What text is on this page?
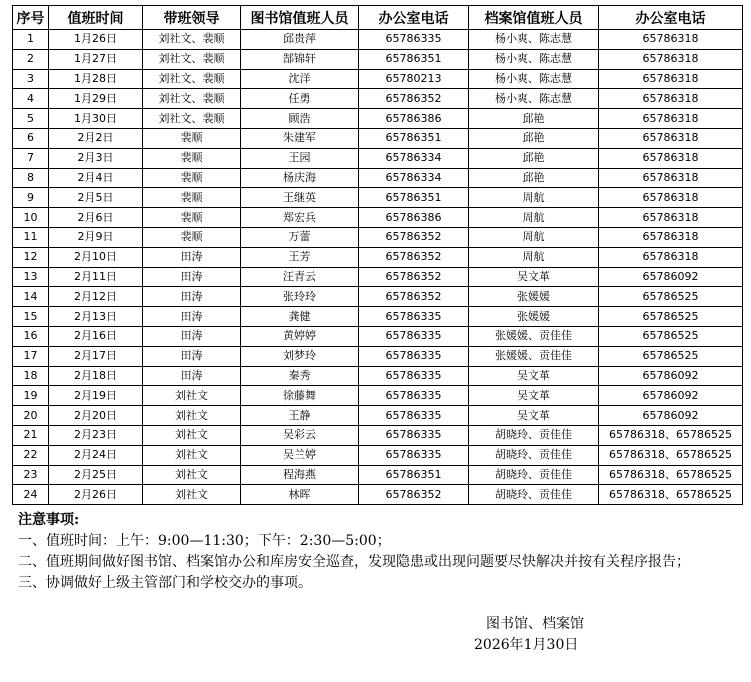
序号	值班时间	带班领导	图书馆值班人员	办公室电话	档案馆值班人员	办公室电话
1	1月26日	刘社文、裴顺	邱贵萍	65786335	杨小爽、陈志慧	65786318
2	1月27日	刘社文、裴顺	郜锦轩	65786351	杨小爽、陈志慧	65786318
3	1月28日	刘社文、裴顺	沈洋	65780213	杨小爽、陈志慧	65786318
4	1月29日	刘社文、裴顺	任勇	65786352	杨小爽、陈志慧	65786318
5	1月30日	刘社文、裴顺	顾浩	65786386	邱艳	65786318
6	2月2日	裴顺	朱建军	65786351	邱艳	65786318
7	2月3日	裴顺	王园	65786334	邱艳	65786318
8	2月4日	裴顺	杨庆海	65786334	邱艳	65786318
9	2月5日	裴顺	王继英	65786351	周航	65786318
10	2月6日	裴顺	郑宏兵	65786386	周航	65786318
11	2月9日	裴顺	万蕾	65786352	周航	65786318
12	2月10日	田涛	王芳	65786352	周航	65786318
13	2月11日	田涛	汪青云	65786352	吴文革	65786092
14	2月12日	田涛	张玲玲	65786352	张媛媛	65786525
15	2月13日	田涛	龚健	65786335	张媛媛	65786525
16	2月16日	田涛	黄婷婷	65786335	张媛媛、贡佳佳	65786525
17	2月17日	田涛	刘梦玲	65786335	张媛媛、贡佳佳	65786525
18	2月18日	田涛	秦秀	65786335	吴文革	65786092
19	2月19日	刘社文	徐藤舞	65786335	吴文革	65786092
20	2月20日	刘社文	王静	65786335	吴文革	65786092
21	2月23日	刘社文	吴彩云	65786335	胡晓玲、贡佳佳	65786318、65786525
22	2月24日	刘社文	吴兰婷	65786335	胡晓玲、贡佳佳	65786318、65786525
23	2月25日	刘社文	程海燕	65786351	胡晓玲、贡佳佳	65786318、65786525
24	2月26日	刘社文	林晖	65786352	胡晓玲、贡佳佳	65786318、65786525

注意事项:

一、值班时间：上午：9:00—11:30；下午：2:30—5:00；

二、值班期间做好图书馆、档案馆办公和库房安全巡查，发现隐患或出现问题要尽快解决并按有关程序报告；

三、协调做好上级主管部门和学校交办的事项。

图书馆、档案馆
2026年1月30日
